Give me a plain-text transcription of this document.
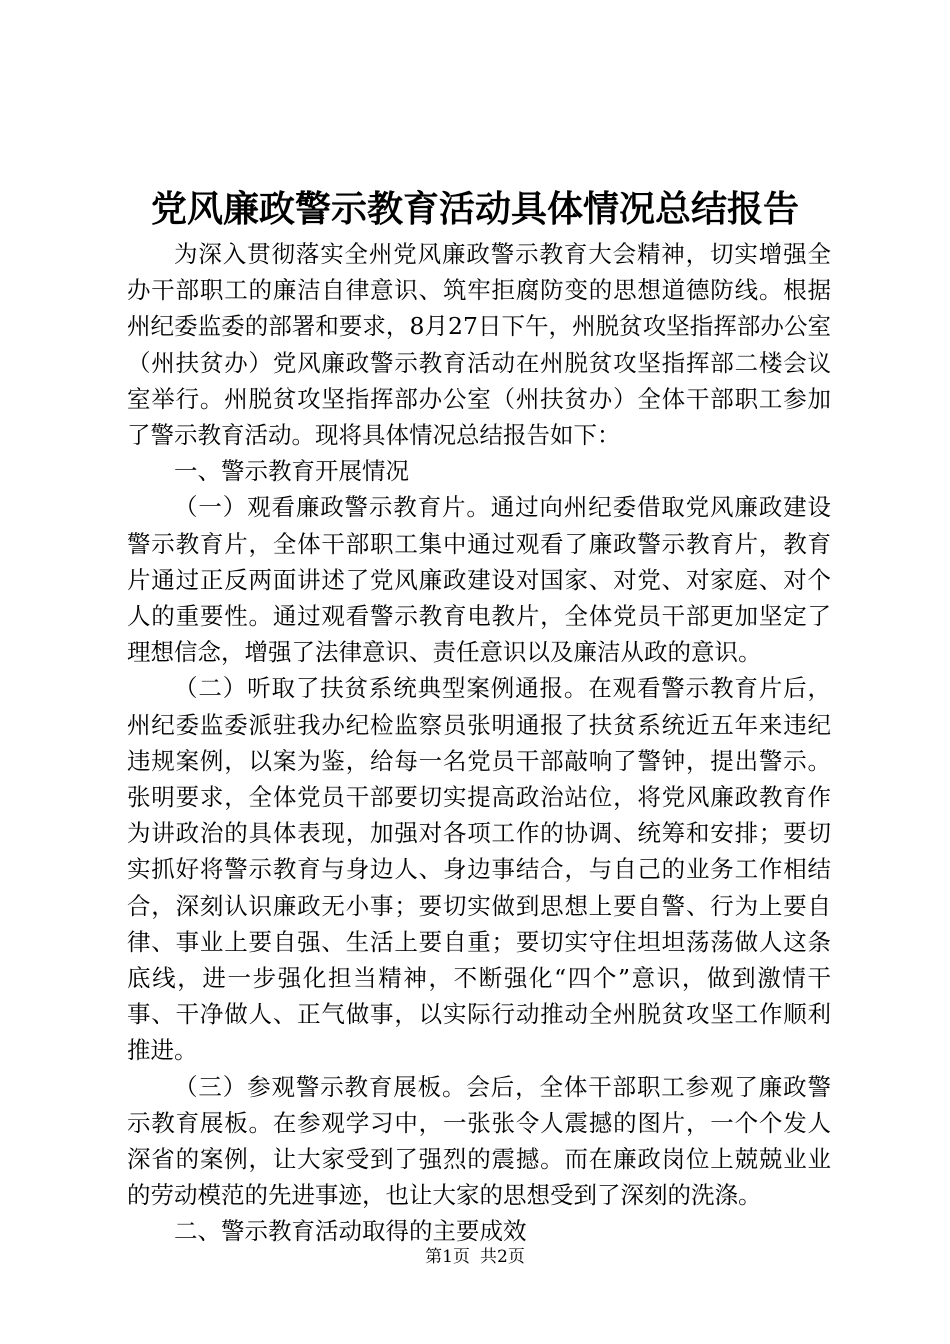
党风廉政警示教育活动具体情况总结报告

为深入贯彻落实全州党风廉政警示教育大会精神，切实增强全办干部职工的廉洁自律意识、筑牢拒腐防变的思想道德防线。根据州纪委监委的部署和要求，8月27日下午，州脱贫攻坚指挥部办公室（州扶贫办）党风廉政警示教育活动在州脱贫攻坚指挥部二楼会议室举行。州脱贫攻坚指挥部办公室（州扶贫办）全体干部职工参加了警示教育活动。现将具体情况总结报告如下：

一、警示教育开展情况

（一）观看廉政警示教育片。通过向州纪委借取党风廉政建设警示教育片，全体干部职工集中通过观看了廉政警示教育片，教育片通过正反两面讲述了党风廉政建设对国家、对党、对家庭、对个人的重要性。通过观看警示教育电教片，全体党员干部更加坚定了理想信念，增强了法律意识、责任意识以及廉洁从政的意识。

（二）听取了扶贫系统典型案例通报。在观看警示教育片后，州纪委监委派驻我办纪检监察员张明通报了扶贫系统近五年来违纪违规案例，以案为鉴，给每一名党员干部敲响了警钟，提出警示。张明要求，全体党员干部要切实提高政治站位，将党风廉政教育作为讲政治的具体表现，加强对各项工作的协调、统筹和安排；要切实抓好将警示教育与身边人、身边事结合，与自己的业务工作相结合，深刻认识廉政无小事；要切实做到思想上要自警、行为上要自律、事业上要自强、生活上要自重；要切实守住坦坦荡荡做人这条底线，进一步强化担当精神，不断强化“四个”意识，做到激情干事、干净做人、正气做事，以实际行动推动全州脱贫攻坚工作顺利推进。

（三）参观警示教育展板。会后，全体干部职工参观了廉政警示教育展板。在参观学习中，一张张令人震撼的图片，一个个发人深省的案例，让大家受到了强烈的震撼。而在廉政岗位上兢兢业业的劳动模范的先进事迹，也让大家的思想受到了深刻的洗涤。

二、警示教育活动取得的主要成效

第1页 共2页
